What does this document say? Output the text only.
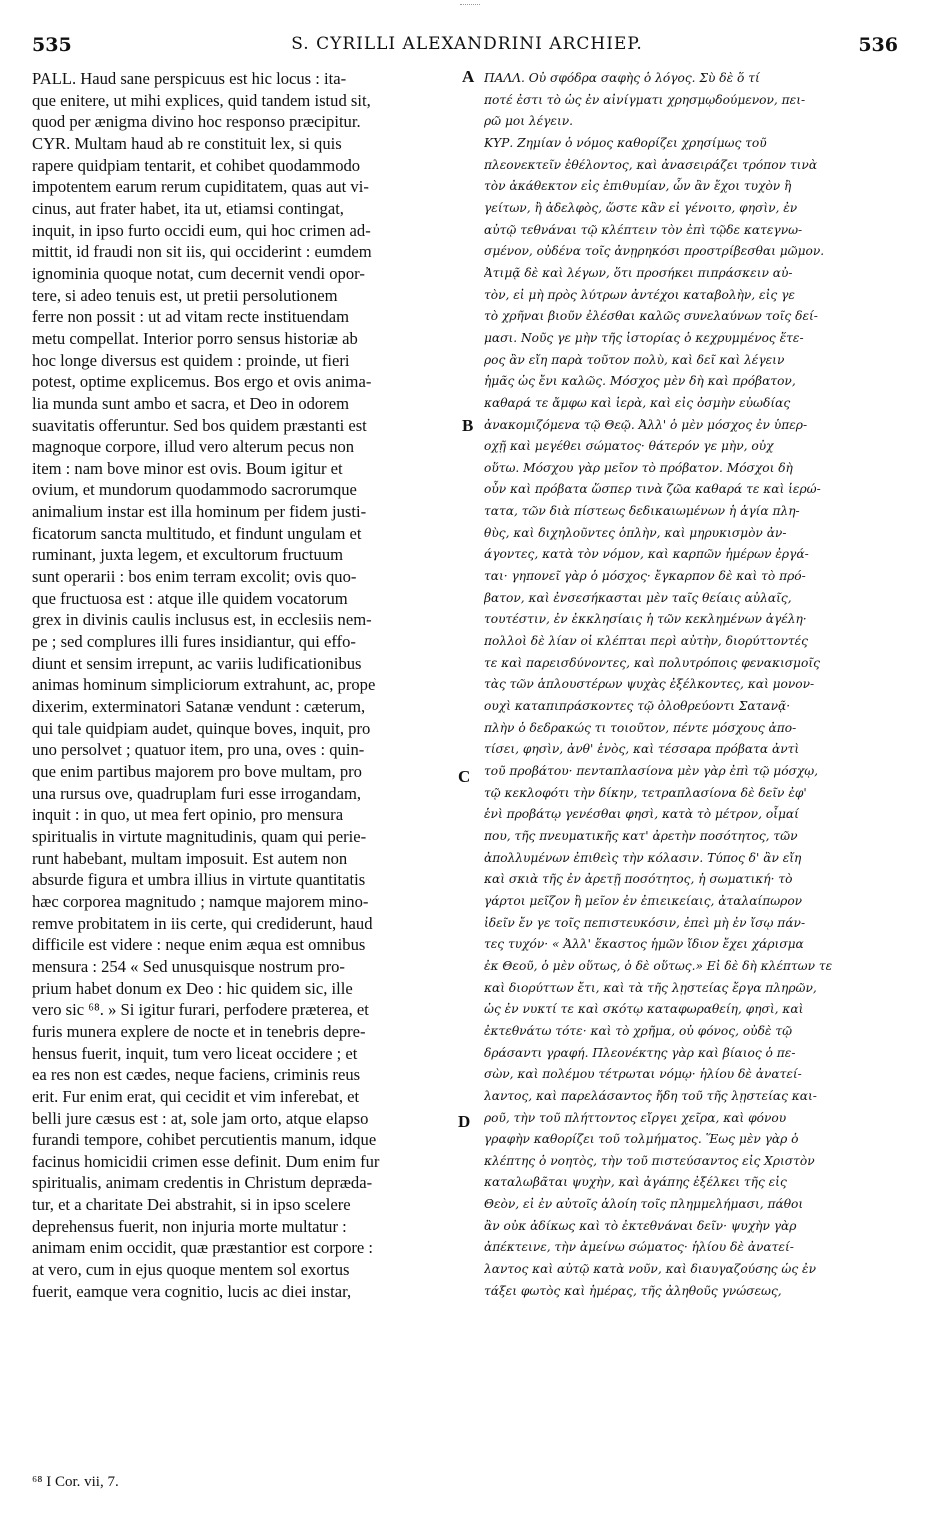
535	S. CYRILLI ALEXANDRINI ARCHIEP.	536
PALL. Haud sane perspicuus est hic locus : ita-
que enitere, ut mihi explices, quid tandem istud sit,
quod per ænigma divino hoc responso præcipitur.
CYR. Multam haud ab re constituit lex, si quis
rapere quidpiam tentarit, et cohibet quodammodo
impotentem earum rerum cupiditatem, quas aut vi-
cinus, aut frater habet, ita ut, etiamsi contingat,
inquit, in ipso furto occidi eum, qui hoc crimen ad-
mittit, id fraudi non sit iis, qui occiderint : eumdem
ignominia quoque notat, cum decernit vendi opor-
tere, si adeo tenuis est, ut pretii persolutionem
ferre non possit : ut ad vitam recte instituendam
metu compellat. Interior porro sensus historiæ ab
hoc longe diversus est quidem : proinde, ut fieri
potest, optime explicemus. Bos ergo et ovis anima-
lia munda sunt ambo et sacra, et Deo in odorem
suavitatis offeruntur. Sed bos quidem præstanti est
magnoque corpore, illud vero alterum pecus non
item : nam bove minor est ovis. Boum igitur et
ovium, et mundorum quodammodo sacrorumque
animalium instar est illa hominum per fidem justi-
ficatorum sancta multitudo, et findunt ungulam et
ruminant, juxta legem, et excultorum fructuum
sunt operarii : bos enim terram excolit; ovis quo-
que fructuosa est : atque ille quidem vocatorum
grex in divinis caulis inclusus est, in ecclesiis nem-
pe ; sed complures illi fures insidiantur, qui effo-
diunt et sensim irrepunt, ac variis ludificationibus
animas hominum simpliciorum extrahunt, ac, prope
dixerim, exterminatori Satanæ vendunt : cæterum,
qui tale quidpiam audet, quinque boves, inquit, pro
uno persolvet ; quatuor item, pro una, oves : quin-
que enim partibus majorem pro bove multam, pro
una rursus ove, quadruplam furi esse irrogandam,
inquit : in quo, ut mea fert opinio, pro mensura
spiritualis in virtute magnitudinis, quam qui perie-
runt habebant, multam imposuit. Est autem non
absurde figura et umbra illius in virtute quantitatis
hæc corporea magnitudo ; namque majorem mino-
remve probitatem in iis certe, qui crediderunt, haud
difficile est videre : neque enim æqua est omnibus
mensura : 254 « Sed unusquisque nostrum pro-
prium habet donum ex Deo : hic quidem sic, ille
vero sic ⁶⁸. » Si igitur furari, perfodere præterea, et
furis munera explere de nocte et in tenebris depre-
hensus fuerit, inquit, tum vero liceat occidere ; et
ea res non est cædes, neque faciens, criminis reus
erit. Fur enim erat, qui cecidit et vim inferebat, et
belli jure cæsus est : at, sole jam orto, atque elapso
furandi tempore, cohibet percutientis manum, idque
facinus homicidii crimen esse definit. Dum enim fur
spiritualis, animam credentis in Christum deprædа-
tur, et a charitate Dei abstrahit, si in ipso scelere
deprehensus fuerit, non injuria morte multatur :
animam enim occidit, quæ præstantior est corpore :
at vero, cum in ejus quoque mentem sol exortus
fuerit, eamque vera cognitio, lucis ac diei instar,
ΠΑΛΛ. Οὐ σφόδρα σαφὴς ὁ λόγος. Σὺ δὲ ὅ τί
ποτέ ἐστι τὸ ὡς ἐν αἰνίγματι χρησμῳδούμενον, πει-
ρῶ μοι λέγειν.
ΚΥΡ. Ζημίαν ὁ νόμος καθορίζει χρησίμως τοῦ
πλεονεκτεῖν ἐθέλοντος, καὶ ἀνασειράζει τρόπον τινὰ
τὸν ἀκάθεκτον εἰς ἐπιθυμίαν, ὧν ἂν ἔχοι τυχὸν ἢ
γείτων, ἢ ἀδελφὸς, ὥστε κἂν εἰ γένοιτο, φησὶν, ἐν
αὐτῷ τεθνάναι τῷ κλέπτειν τὸν ἐπὶ τῷδε κατεγνω-
σμένον, οὐδένα τοῖς ἀνῃρηκόσι προστρίβεσθαι μῶμον.
Ἀτιμᾷ δὲ καὶ λέγων, ὅτι προσήκει πιπράσκειν αὐ-
τὸν, εἰ μὴ πρὸς λύτρων ἀντέχοι καταβολὴν, εἰς γε
τὸ χρῆναι βιοῦν ἐλέσθαι καλῶς συνελαύνων τοῖς δεί-
μασι. Νοῦς γε μὴν τῆς ἱστορίας ὁ κεχρυμμένος ἕτε-
ρος ἂν εἴη παρὰ τοῦτον πολὺ, καὶ δεῖ καὶ λέγειν
ἡμᾶς ὡς ἔνι καλῶς. Μόσχος μὲν δὴ καὶ πρόβατον,
καθαρά τε ἄμφω καὶ ἱερὰ, καὶ εἰς ὀσμὴν εὐωδίας
ἀνακομιζόμενα τῷ Θεῷ. Ἀλλ' ὁ μὲν μόσχος ἐν ὑπερ-
οχῇ καὶ μεγέθει σώματος· θάτερόν γε μὴν, οὐχ
οὕτω. Μόσχου γὰρ μεῖον τὸ πρόβατον. Μόσχοι δὴ
οὖν καὶ πρόβατα ὥσπερ τινὰ ζῶα καθαρά τε καὶ ἱερώ-
τατα, τῶν διὰ πίστεως δεδικαιωμένων ἡ ἁγία πλη-
θὺς, καὶ διχηλοῦντες ὁπλὴν, καὶ μηρυκισμὸν ἀν-
άγοντες, κατὰ τὸν νόμον, καὶ καρπῶν ἡμέρων ἐργά-
ται· γηπονεῖ γὰρ ὁ μόσχος· ἔγκαρπον δὲ καὶ τὸ πρό-
βατον, καὶ ἐνσεσήκασται μὲν ταῖς θείαις αὐλαῖς,
τουτέστιν, ἐν ἐκκλησίαις ἡ τῶν κεκλημένων ἀγέλη·
πολλοὶ δὲ λίαν οἱ κλέπται περὶ αὐτὴν, διορύττοντές
τε καὶ παρεισδύνοντες, καὶ πολυτρόποις φενακισμοῖς
τὰς τῶν ἁπλουστέρων ψυχὰς ἐξέλκοντες, καὶ μονον-
ουχὶ καταπιπράσκοντες τῷ ὀλοθρεύοντι Σατανᾷ·
πλὴν ὁ δεδρακώς τι τοιοῦτον, πέντε μόσχους ἀπο-
τίσει, φησὶν, ἀνθ' ἑνὸς, καὶ τέσσαρα πρόβατα ἀντὶ
τοῦ προβάτου· πενταπλασίονα μὲν γὰρ ἐπὶ τῷ μόσχῳ,
τῷ κεκλοφότι τὴν δίκην, τετραπλασίονα δὲ δεῖν ἐφ'
ἑνὶ προβάτῳ γενέσθαι φησὶ, κατὰ τὸ μέτρον, οἶμαί
που, τῆς πνευματικῆς κατ' ἀρετὴν ποσότητος, τῶν
ἀπολλυμένων ἐπιθεὶς τὴν κόλασιν. Τύπος δ' ἂν εἴη
καὶ σκιὰ τῆς ἐν ἀρετῇ ποσότητος, ἡ σωματική· τὸ
γάρτοι μεῖζον ἢ μεῖον ἐν ἐπιεικείαις, ἀταλαίπωρον
ἰδεῖν ἔν γε τοῖς πεπιστευκόσιν, ἐπεὶ μὴ ἐν ἴσῳ πάν-
τες τυχόν· « Ἀλλ' ἕκαστος ἡμῶν ἴδιον ἔχει χάρισμα
ἐκ Θεοῦ, ὁ μὲν οὕτως, ὁ δὲ οὕτως.» Εἰ δὲ δὴ κλέπτων τε
καὶ διορύττων ἔτι, καὶ τὰ τῆς λῃστείας ἔργα πληρῶν,
ὡς ἐν νυκτί τε καὶ σκότῳ καταφωραθείη, φησὶ, καὶ
ἐκτεθνάτω τότε· καὶ τὸ χρῆμα, οὐ φόνος, οὐδὲ τῷ
δράσαντι γραφή. Πλεονέκτης γὰρ καὶ βίαιος ὁ πε-
σὼν, καὶ πολέμου τέτρωται νόμῳ· ἡλίου δὲ ἀνατεί-
λαντος, καὶ παρελάσαντος ἤδη τοῦ τῆς λῃστείας και-
ροῦ, τὴν τοῦ πλήττοντος εἴργει χεῖρα, καὶ φόνου
γραφὴν καθορίζει τοῦ τολμήματος. Ἕως μὲν γὰρ ὁ
κλέπτης ὁ νοητὸς, τὴν τοῦ πιστεύσαντος εἰς Χριστὸν
καταλωβᾶται ψυχὴν, καὶ ἀγάπης ἐξέλκει τῆς εἰς
Θεὸν, εἰ ἐν αὐτοῖς ἁλοίη τοῖς πλημμελήμασι, πάθοι
ἂν οὐκ ἀδίκως καὶ τὸ ἐκτεθνάναι δεῖν· ψυχὴν γὰρ
ἀπέκτεινε, τὴν ἀμείνω σώματος· ἡλίου δὲ ἀνατεί-
λαντος καὶ αὐτῷ κατὰ νοῦν, καὶ διαυγαζούσης ὡς ἐν
τάξει φωτὸς καὶ ἡμέρας, τῆς ἀληθοῦς γνώσεως,
A
B
C
D
⁶⁸ I Cor. vii, 7.
